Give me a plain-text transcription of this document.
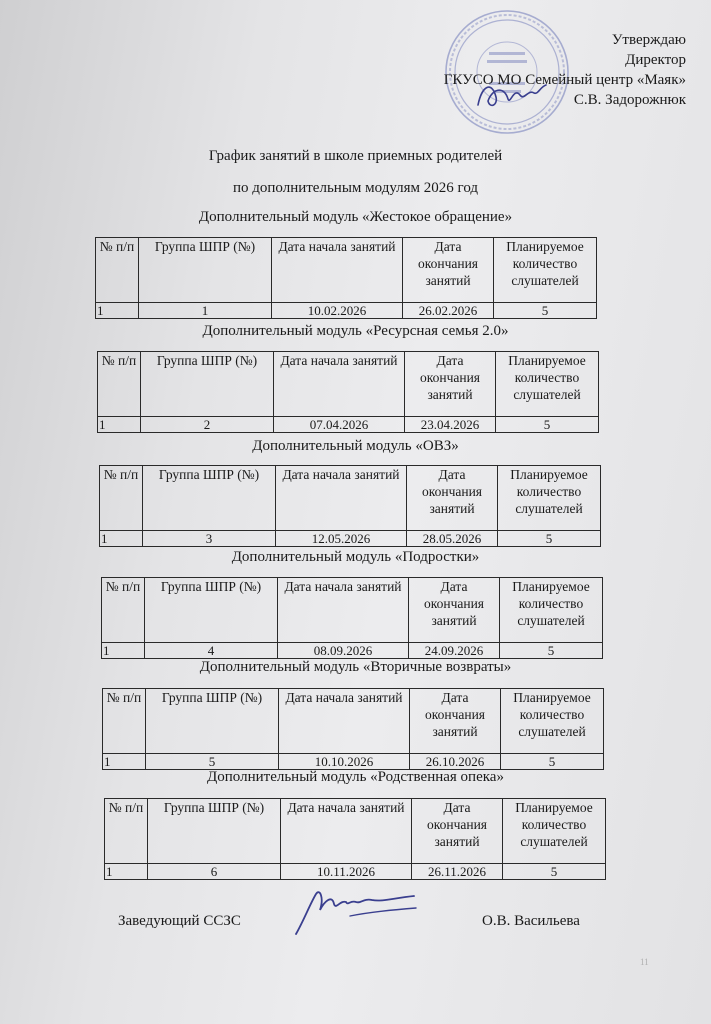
Утверждаю
Директор
ГКУСО МО Семейный центр «Маяк»
С.В. Задорожнюк
График занятий в школе приемных родителей
по дополнительным модулям 2026 год
Дополнительный модуль «Жестокое обращение»
№ п/п	Группа ШПР (№)	Дата начала занятий	Дата окончания занятий	Планируемое количество слушателей
1	1	10.02.2026	26.02.2026	5
Дополнительный модуль «Ресурсная семья 2.0»
№ п/п	Группа ШПР (№)	Дата начала занятий	Дата окончания занятий	Планируемое количество слушателей
1	2	07.04.2026	23.04.2026	5
Дополнительный модуль «ОВЗ»
№ п/п	Группа ШПР (№)	Дата начала занятий	Дата окончания занятий	Планируемое количество слушателей
1	3	12.05.2026	28.05.2026	5
Дополнительный модуль «Подростки»
№ п/п	Группа ШПР (№)	Дата начала занятий	Дата окончания занятий	Планируемое количество слушателей
1	4	08.09.2026	24.09.2026	5
Дополнительный модуль «Вторичные возвраты»
№ п/п	Группа ШПР (№)	Дата начала занятий	Дата окончания занятий	Планируемое количество слушателей
1	5	10.10.2026	26.10.2026	5
Дополнительный модуль «Родственная опека»
№ п/п	Группа ШПР (№)	Дата начала занятий	Дата окончания занятий	Планируемое количество слушателей
1	6	10.11.2026	26.11.2026	5
Заведующий ССЗС	О.В. Васильева
11
